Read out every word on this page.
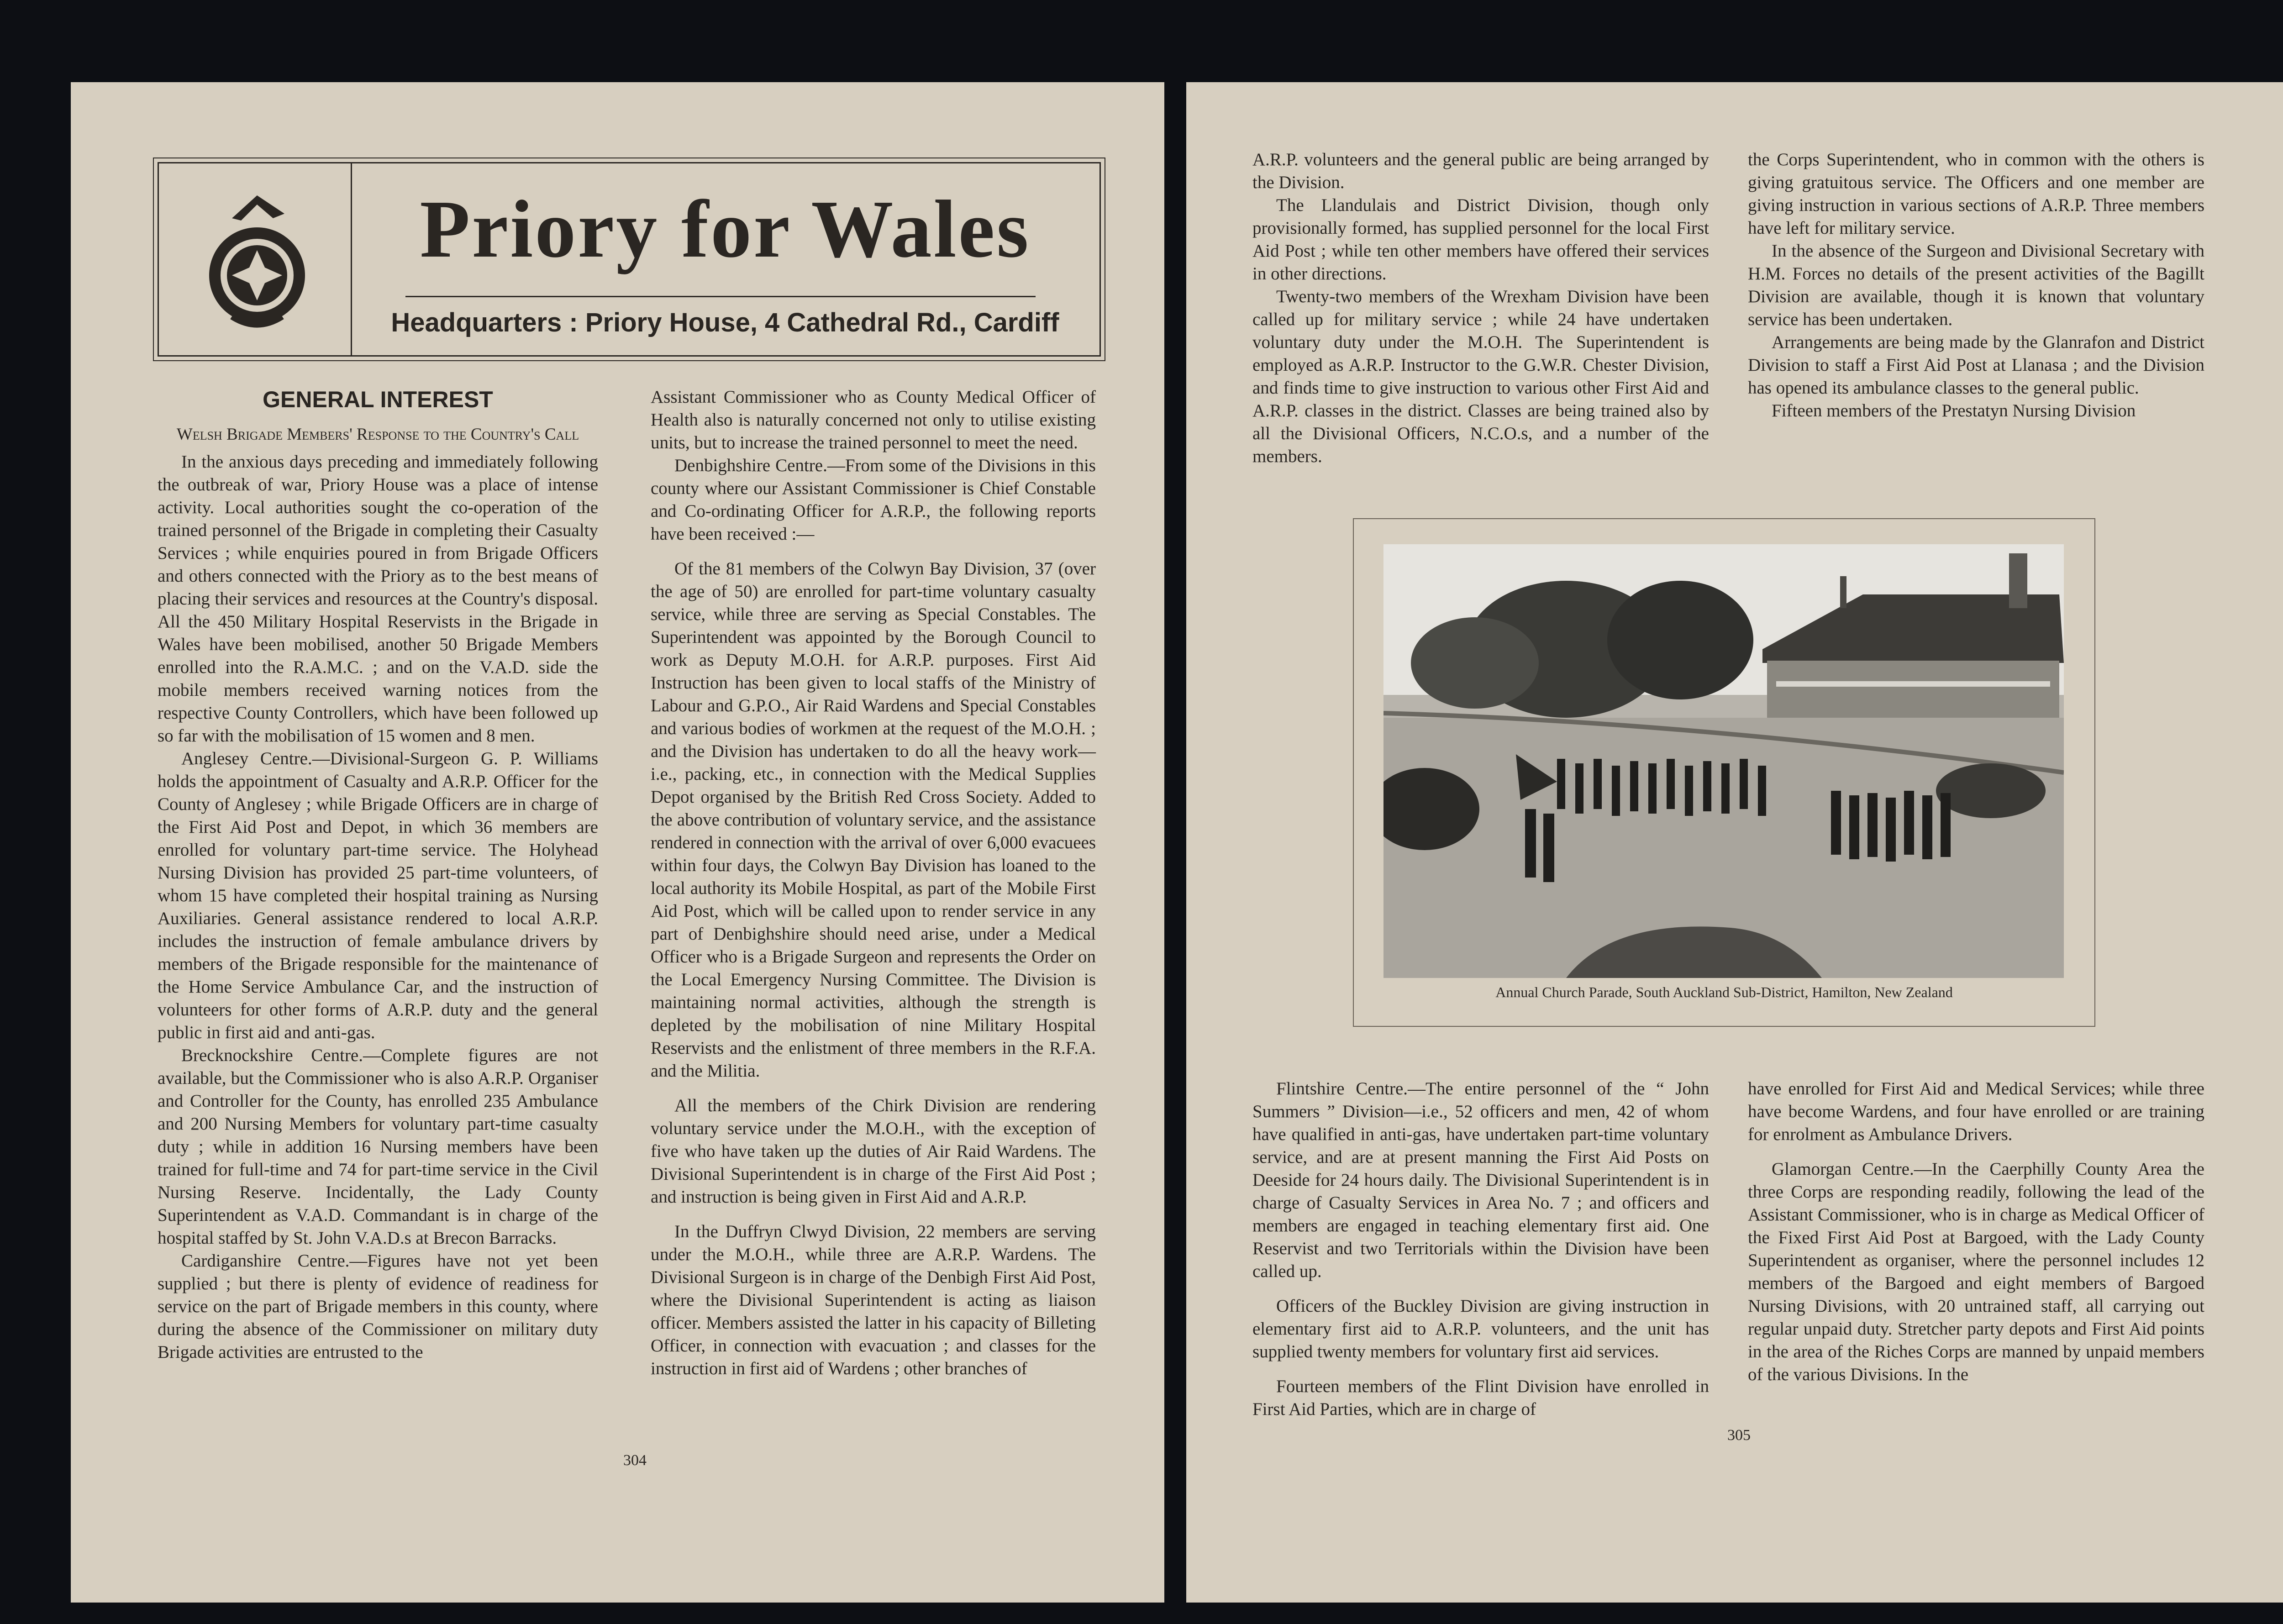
Priory for Wales
Headquarters : Priory House, 4 Cathedral Rd., Cardiff
GENERAL INTEREST
Welsh Brigade Members' Response to the Country's Call

In the anxious days preceding and immediately following the outbreak of war, Priory House was a place of intense activity. Local authorities sought the co-operation of the trained personnel of the Brigade in completing their Casualty Services ; while enquiries poured in from Brigade Officers and others connected with the Priory as to the best means of placing their services and resources at the Country's disposal. All the 450 Military Hospital Reservists in the Brigade in Wales have been mobilised, another 50 Brigade Members enrolled into the R.A.M.C. ; and on the V.A.D. side the mobile members received warning notices from the respective County Controllers, which have been followed up so far with the mobilisation of 15 women and 8 men.

Anglesey Centre.—Divisional-Surgeon G. P. Williams holds the appointment of Casualty and A.R.P. Officer for the County of Anglesey ; while Brigade Officers are in charge of the First Aid Post and Depot, in which 36 members are enrolled for voluntary part-time service. The Holyhead Nursing Division has provided 25 part-time volunteers, of whom 15 have completed their hospital training as Nursing Auxiliaries. General assistance rendered to local A.R.P. includes the instruction of female ambulance drivers by members of the Brigade responsible for the maintenance of the Home Service Ambulance Car, and the instruction of volunteers for other forms of A.R.P. duty and the general public in first aid and anti-gas.

Brecknockshire Centre.—Complete figures are not available, but the Commissioner who is also A.R.P. Organiser and Controller for the County, has enrolled 235 Ambulance and 200 Nursing Members for voluntary part-time casualty duty ; while in addition 16 Nursing members have been trained for full-time and 74 for part-time service in the Civil Nursing Reserve. Incidentally, the Lady County Superintendent as V.A.D. Commandant is in charge of the hospital staffed by St. John V.A.D.s at Brecon Barracks.

Cardiganshire Centre.—Figures have not yet been supplied ; but there is plenty of evidence of readiness for service on the part of Brigade members in this county, where during the absence of the Commissioner on military duty Brigade activities are entrusted to the

Assistant Commissioner who as County Medical Officer of Health also is naturally concerned not only to utilise existing units, but to increase the trained personnel to meet the need.

Denbighshire Centre.—From some of the Divisions in this county where our Assistant Commissioner is Chief Constable and Co-ordinating Officer for A.R.P., the following reports have been received :—

Of the 81 members of the Colwyn Bay Division, 37 (over the age of 50) are enrolled for part-time voluntary casualty service, while three are serving as Special Constables. The Superintendent was appointed by the Borough Council to work as Deputy M.O.H. for A.R.P. purposes. First Aid Instruction has been given to local staffs of the Ministry of Labour and G.P.O., Air Raid Wardens and Special Constables and various bodies of workmen at the request of the M.O.H. ; and the Division has undertaken to do all the heavy work—i.e., packing, etc., in connection with the Medical Supplies Depot organised by the British Red Cross Society. Added to the above contribution of voluntary service, and the assistance rendered in connection with the arrival of over 6,000 evacuees within four days, the Colwyn Bay Division has loaned to the local authority its Mobile Hospital, as part of the Mobile First Aid Post, which will be called upon to render service in any part of Denbighshire should need arise, under a Medical Officer who is a Brigade Surgeon and represents the Order on the Local Emergency Nursing Committee. The Division is maintaining normal activities, although the strength is depleted by the mobilisation of nine Military Hospital Reservists and the enlistment of three members in the R.F.A. and the Militia.

All the members of the Chirk Division are rendering voluntary service under the M.O.H., with the exception of five who have taken up the duties of Air Raid Wardens. The Divisional Superintendent is in charge of the First Aid Post ; and instruction is being given in First Aid and A.R.P.

In the Duffryn Clwyd Division, 22 members are serving under the M.O.H., while three are A.R.P. Wardens. The Divisional Surgeon is in charge of the Denbigh First Aid Post, where the Divisional Superintendent is acting as liaison officer. Members assisted the latter in his capacity of Billeting Officer, in connection with evacuation ; and classes for the instruction in first aid of Wardens ; other branches of

304

A.R.P. volunteers and the general public are being arranged by the Division.

The Llandulais and District Division, though only provisionally formed, has supplied personnel for the local First Aid Post ; while ten other members have offered their services in other directions.

Twenty-two members of the Wrexham Division have been called up for military service ; while 24 have undertaken voluntary duty under the M.O.H. The Superintendent is employed as A.R.P. Instructor to the G.W.R. Chester Division, and finds time to give instruction to various other First Aid and A.R.P. classes in the district. Classes are being trained also by all the Divisional Officers, N.C.O.s, and a number of the members.

the Corps Superintendent, who in common with the others is giving gratuitous service. The Officers and one member are giving instruction in various sections of A.R.P. Three members have left for military service.

In the absence of the Surgeon and Divisional Secretary with H.M. Forces no details of the present activities of the Bagillt Division are available, though it is known that voluntary service has been undertaken.

Arrangements are being made by the Glanrafon and District Division to staff a First Aid Post at Llanasa ; and the Division has opened its ambulance classes to the general public.

Fifteen members of the Prestatyn Nursing Division

Annual Church Parade, South Auckland Sub-District, Hamilton, New Zealand

Flintshire Centre.—The entire personnel of the “ John Summers ” Division—i.e., 52 officers and men, 42 of whom have qualified in anti-gas, have undertaken part-time voluntary service, and are at present manning the First Aid Posts on Deeside for 24 hours daily. The Divisional Superintendent is in charge of Casualty Services in Area No. 7 ; and officers and members are engaged in teaching elementary first aid. One Reservist and two Territorials within the Division have been called up.

Officers of the Buckley Division are giving instruction in elementary first aid to A.R.P. volunteers, and the unit has supplied twenty members for voluntary first aid services.

Fourteen members of the Flint Division have enrolled in First Aid Parties, which are in charge of

have enrolled for First Aid and Medical Services; while three have become Wardens, and four have enrolled or are training for enrolment as Ambulance Drivers.

Glamorgan Centre.—In the Caerphilly County Area the three Corps are responding readily, following the lead of the Assistant Commissioner, who is in charge as Medical Officer of the Fixed First Aid Post at Bargoed, with the Lady County Superintendent as organiser, where the personnel includes 12 members of the Bargoed and eight members of Bargoed Nursing Divisions, with 20 untrained staff, all carrying out regular unpaid duty. Stretcher party depots and First Aid points in the area of the Riches Corps are manned by unpaid members of the various Divisions. In the

305
